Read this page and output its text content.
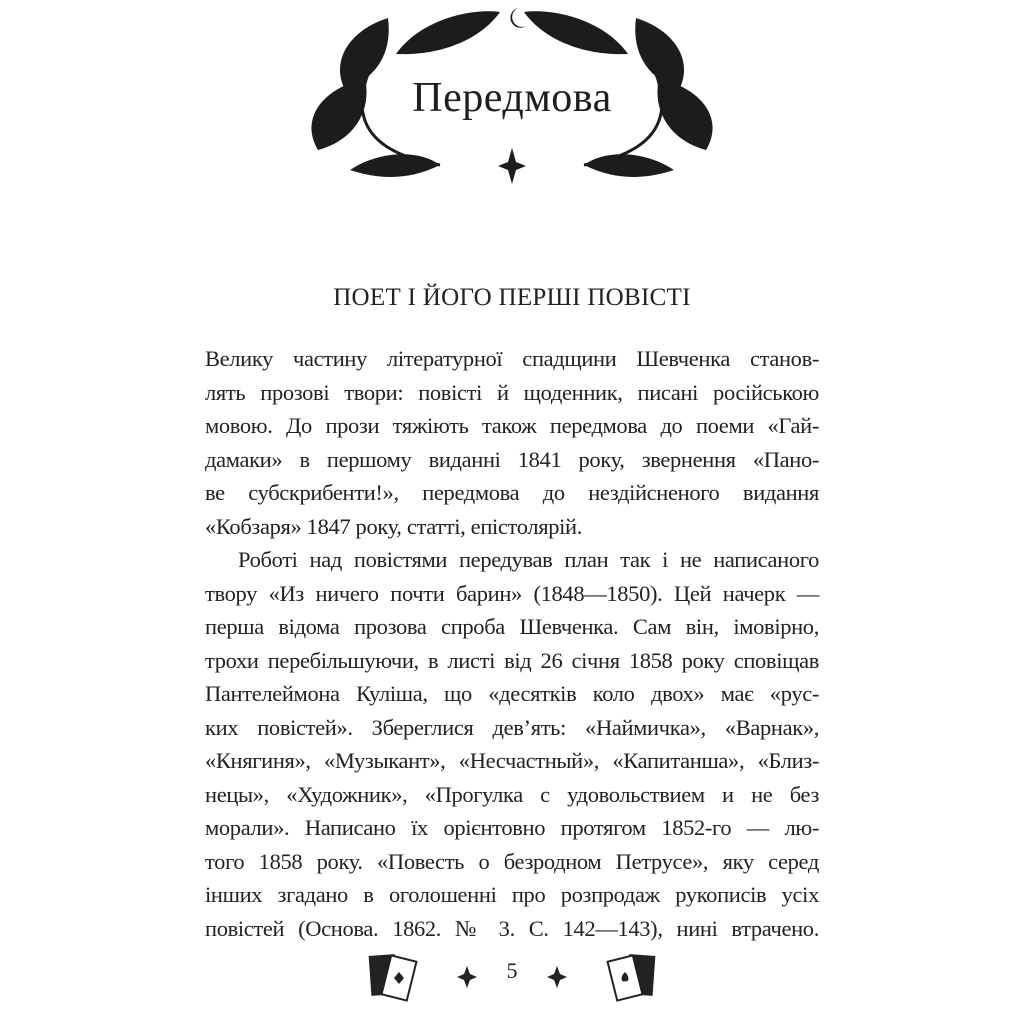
Передмова
ПОЕТ І ЙОГО ПЕРШІ ПОВІСТІ
Велику частину літературної спадщини Шевченка станов-
лять прозові твори: повісті й щоденник, писані російською
мовою. До прози тяжіють також передмова до поеми «Гай-
дамаки» в першому виданні 1841 року, звернення «Пано-
ве субскрибенти!», передмова до нездійсненого видання
«Кобзаря» 1847 року, статті, епістолярій.
Роботі над повістями передував план так і не написаного
твору «Из ничего почти барин» (1848—1850). Цей начерк —
перша відома прозова спроба Шевченка. Сам він, імовірно,
трохи перебільшуючи, в листі від 26 січня 1858 року сповіщав
Пантелеймона Куліша, що «десятків коло двох» має «рус-
ких повістей». Збереглися дев’ять: «Наймичка», «Варнак»,
«Княгиня», «Музыкант», «Несчастный», «Капитанша», «Близ-
нецы», «Художник», «Прогулка с удовольствием и не без
морали». Написано їх орієнтовно протягом 1852-го — лю-
того 1858 року. «Повесть о безродном Петрусе», яку серед
інших згадано в оголошенні про розпродаж рукописів усіх
повістей (Основа. 1862. № 3. С. 142—143), нині втрачено.
5
